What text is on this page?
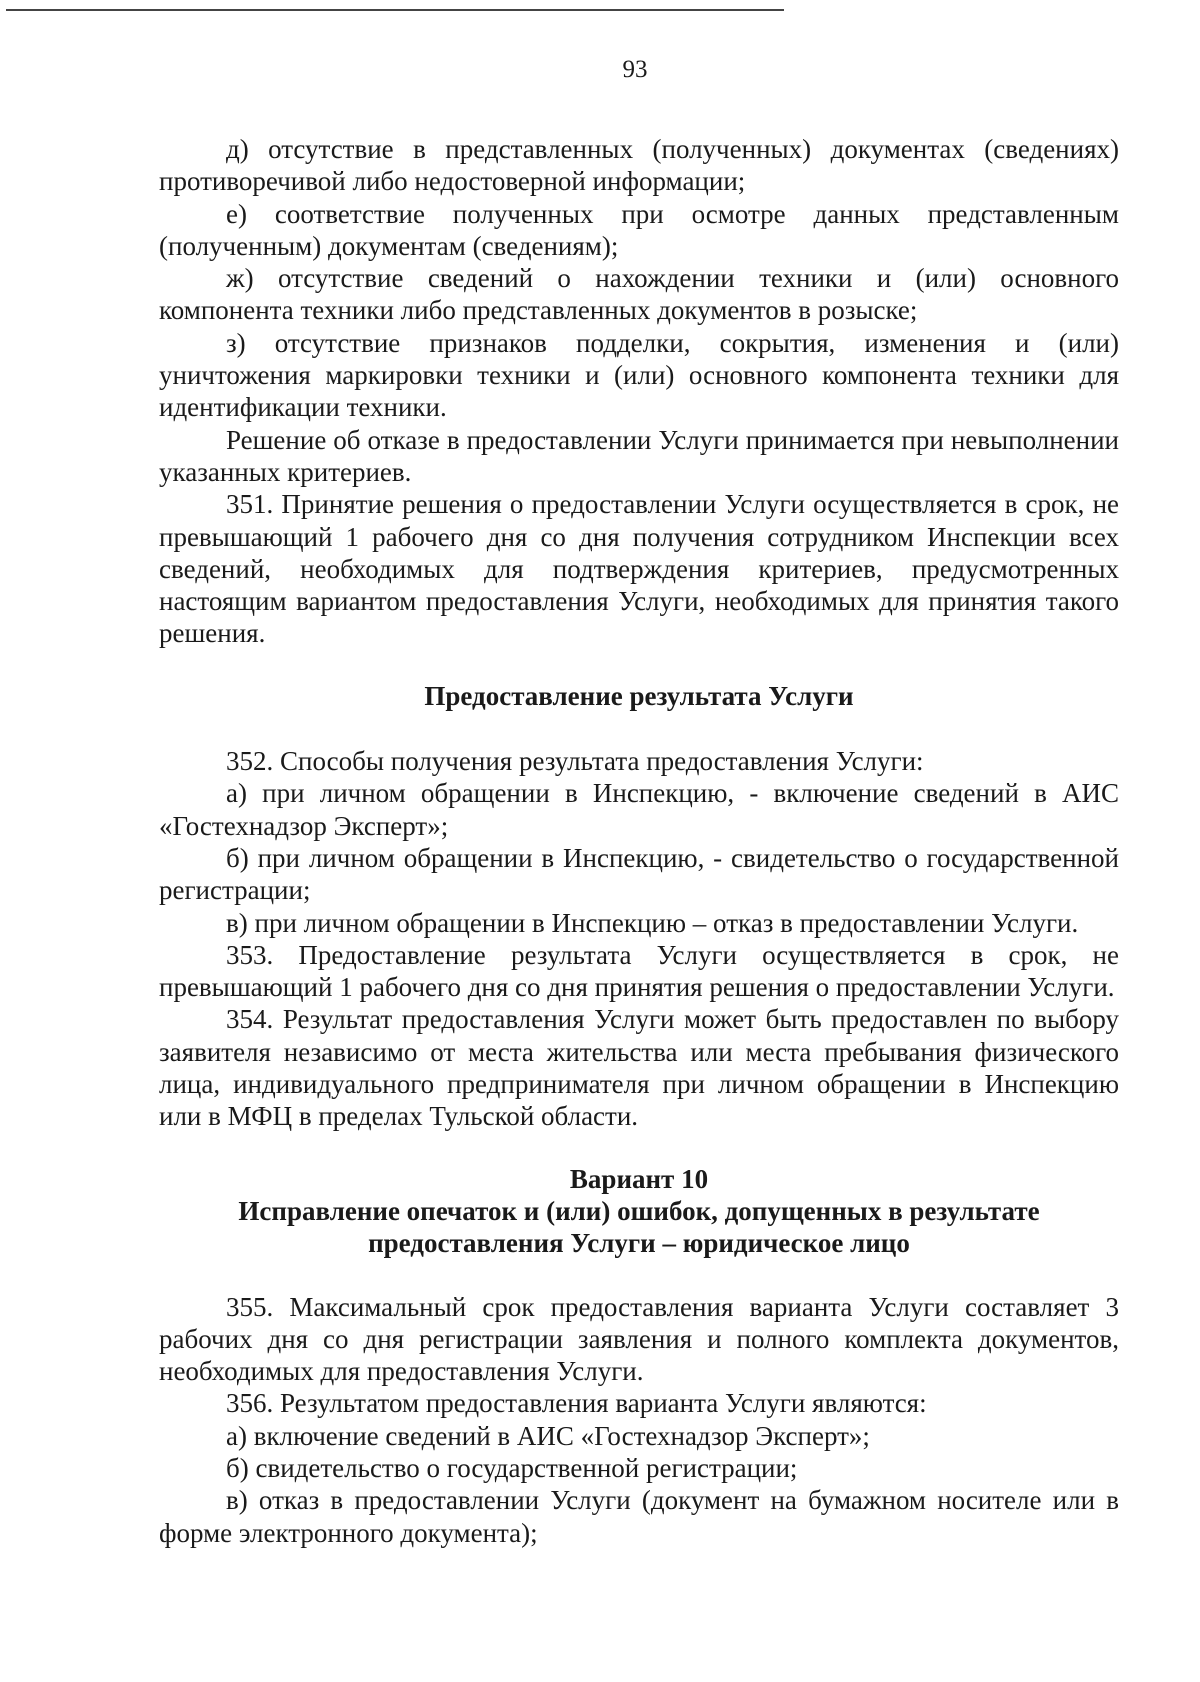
93

д) отсутствие в представленных (полученных) документах (сведениях) противоречивой либо недостоверной информации;

е) соответствие полученных при осмотре данных представленным (полученным) документам (сведениям);

ж) отсутствие сведений о нахождении техники и (или) основного компонента техники либо представленных документов в розыске;

з) отсутствие признаков подделки, сокрытия, изменения и (или) уничтожения маркировки техники и (или) основного компонента техники для идентификации техники.

Решение об отказе в предоставлении Услуги принимается при невыполнении указанных критериев.

351. Принятие решения о предоставлении Услуги осуществляется в срок, не превышающий 1 рабочего дня со дня получения сотрудником Инспекции всех сведений, необходимых для подтверждения критериев, предусмотренных настоящим вариантом предоставления Услуги, необходимых для принятия такого решения.

Предоставление результата Услуги

352. Способы получения результата предоставления Услуги:

а) при личном обращении в Инспекцию, - включение сведений в АИС «Гостехнадзор Эксперт»;

б) при личном обращении в Инспекцию, - свидетельство о государственной регистрации;

в) при личном обращении в Инспекцию – отказ в предоставлении Услуги.

353. Предоставление результата Услуги осуществляется в срок, не превышающий 1 рабочего дня со дня принятия решения о предоставлении Услуги.

354. Результат предоставления Услуги может быть предоставлен по выбору заявителя независимо от места жительства или места пребывания физического лица, индивидуального предпринимателя при личном обращении в Инспекцию или в МФЦ в пределах Тульской области.

Вариант 10

Исправление опечаток и (или) ошибок, допущенных в результате

предоставления Услуги – юридическое лицо

355. Максимальный срок предоставления варианта Услуги составляет 3 рабочих дня со дня регистрации заявления и полного комплекта документов, необходимых для предоставления Услуги.

356. Результатом предоставления варианта Услуги являются:

а) включение сведений в АИС «Гостехнадзор Эксперт»;

б) свидетельство о государственной регистрации;

в) отказ в предоставлении Услуги (документ на бумажном носителе или в форме электронного документа);
